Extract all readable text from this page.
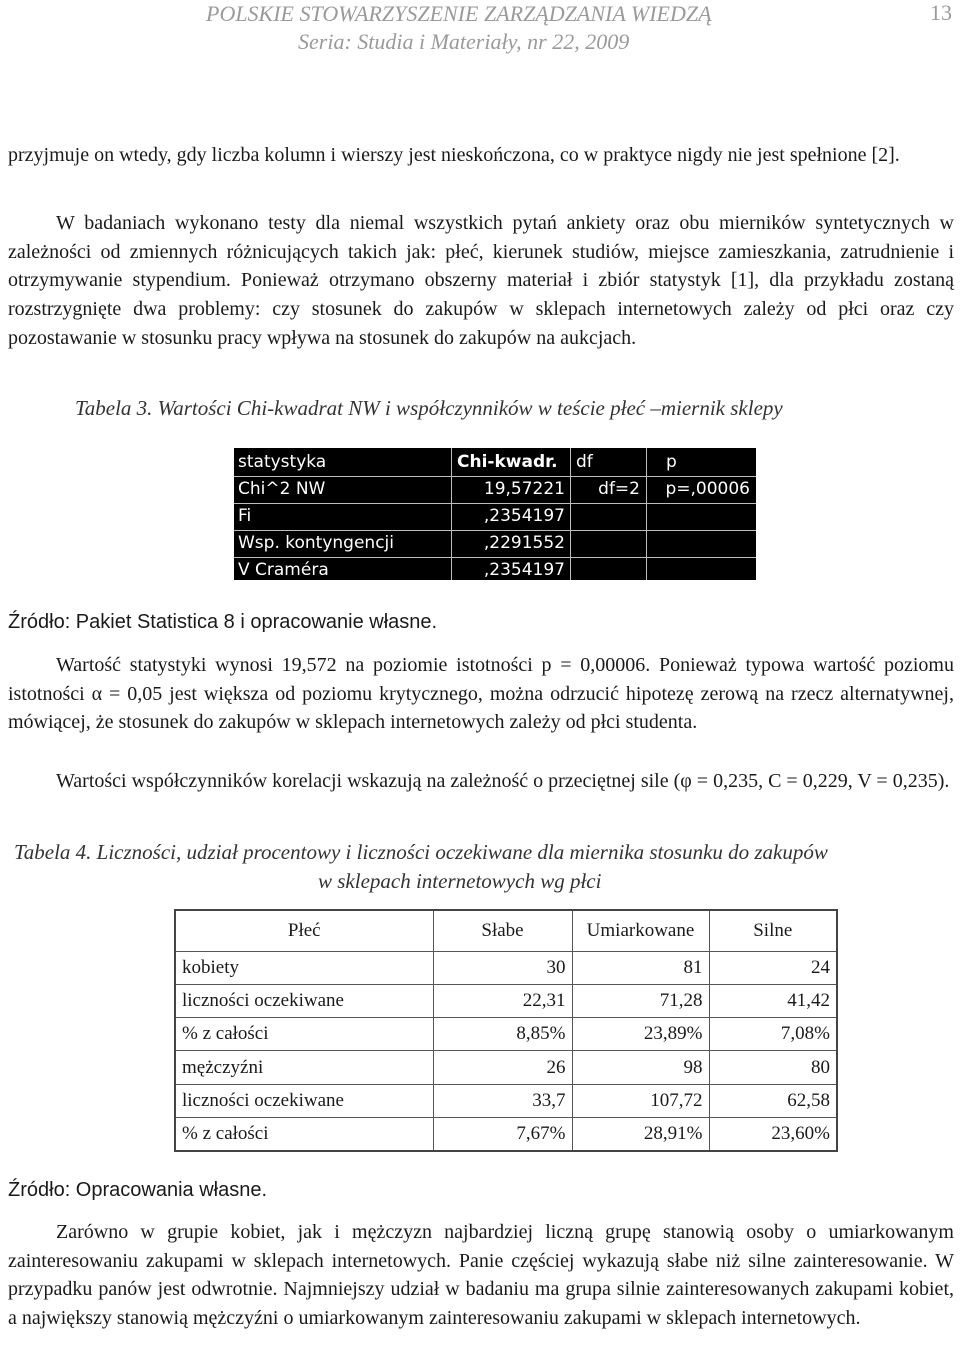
POLSKIE STOWARZYSZENIE ZARZĄDZANIA WIEDZĄ
Seria: Studia i Materiały, nr 22, 2009
13

przyjmuje on wtedy, gdy liczba kolumn i wierszy jest nieskończona, co w praktyce nigdy nie jest spełnione [2].

W badaniach wykonano testy dla niemal wszystkich pytań ankiety oraz obu mierników syntetycznych w zależności od zmiennych różnicujących takich jak: płeć, kierunek studiów, miejsce zamieszkania, zatrudnienie i otrzymywanie stypendium. Ponieważ otrzymano obszerny materiał i zbiór statystyk [1], dla przykładu zostaną rozstrzygnięte dwa problemy: czy stosunek do zakupów w sklepach internetowych zależy od płci oraz czy pozostawanie w stosunku pracy wpływa na stosunek do zakupów na aukcjach.

Tabela 3. Wartości Chi-kwadrat NW i współczynników w teście płeć –miernik sklepy
statystyka	Chi-kwadr.	df	p
Chi^2 NW	19,57221	df=2	p=,00006
Fi	,2354197
Wsp. kontyngencji	,2291552
V Craméra	,2354197
Źródło: Pakiet Statistica 8 i opracowanie własne.

Wartość statystyki wynosi 19,572 na poziomie istotności p = 0,00006. Ponieważ typowa wartość poziomu istotności α = 0,05 jest większa od poziomu krytycznego, można odrzucić hipotezę zerową na rzecz alternatywnej, mówiącej, że stosunek do zakupów w sklepach internetowych zależy od płci studenta.

Wartości współczynników korelacji wskazują na zależność o przeciętnej sile (φ = 0,235, C = 0,229, V = 0,235).

Tabela 4. Liczności, udział procentowy i liczności oczekiwane dla miernika stosunku do zakupów
w sklepach internetowych wg płci
Płeć	Słabe	Umiarkowane	Silne
kobiety	30	81	24
liczności oczekiwane	22,31	71,28	41,42
% z całości	8,85%	23,89%	7,08%
mężczyźni	26	98	80
liczności oczekiwane	33,7	107,72	62,58
% z całości	7,67%	28,91%	23,60%
Źródło: Opracowania własne.

Zarówno w grupie kobiet, jak i mężczyzn najbardziej liczną grupę stanowią osoby o umiarkowanym zainteresowaniu zakupami w sklepach internetowych. Panie częściej wykazują słabe niż silne zainteresowanie. W przypadku panów jest odwrotnie. Najmniejszy udział w badaniu ma grupa silnie zainteresowanych zakupami kobiet, a największy stanowią mężczyźni o umiarkowanym zainteresowaniu zakupami w sklepach internetowych.
